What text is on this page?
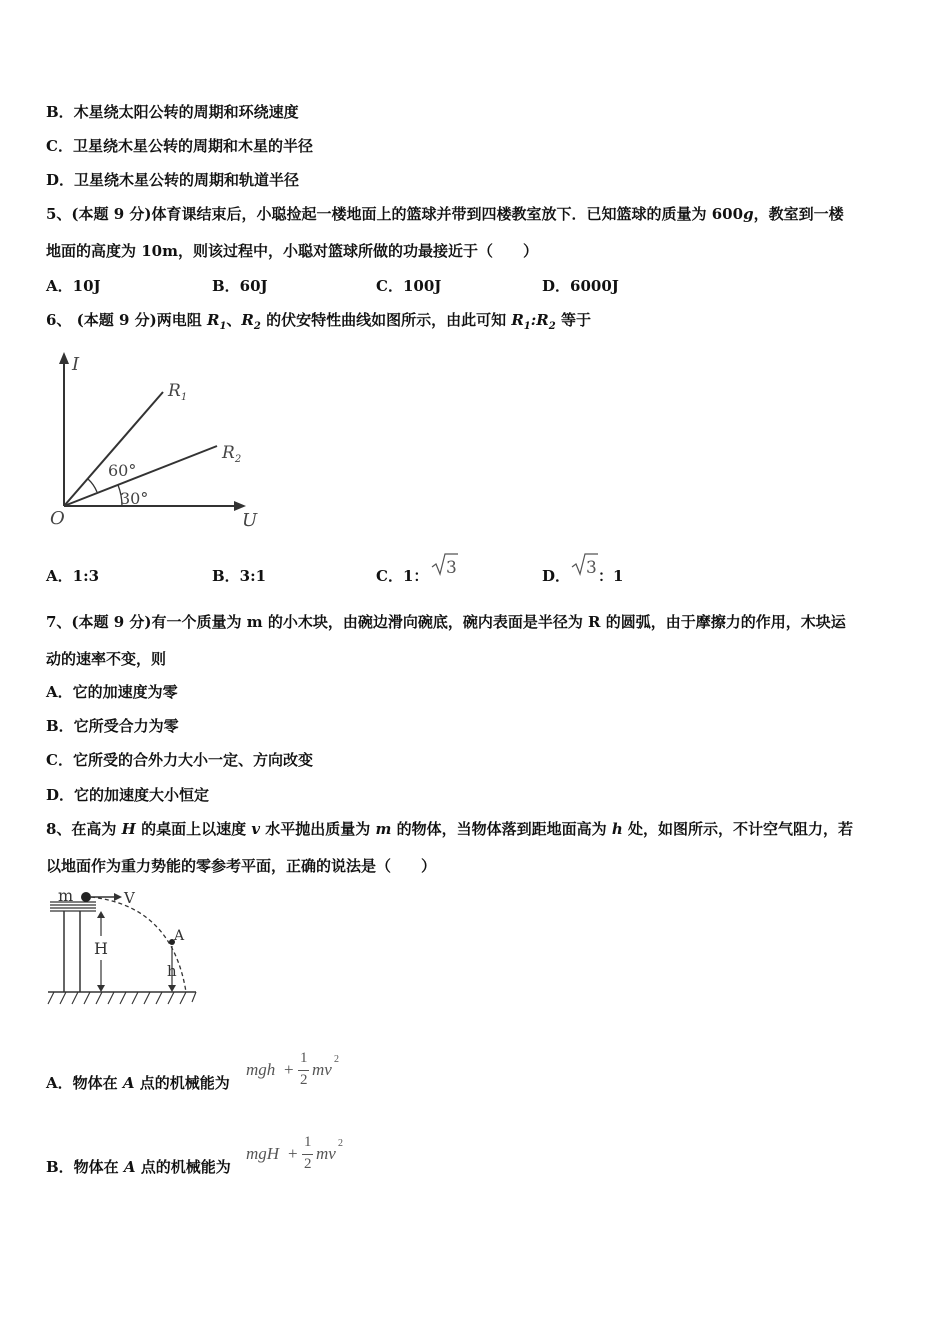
B．木星绕太阳公转的周期和环绕速度
C．卫星绕木星公转的周期和木星的半径
D．卫星绕木星公转的周期和轨道半径
5、(本题 9 分)体育课结束后，小聪捡起一楼地面上的篮球并带到四楼教室放下．已知篮球的质量为 600g，教室到一楼
地面的高度为 10m，则该过程中，小聪对篮球所做的功最接近于（　　）
A．10J	B．60J	C．100J	D．6000J
6、 (本题 9 分)两电阻 $R_1$、$R_2$ 的伏安特性曲线如图所示，由此可知 $R_1:R_2$ 等于
I
U
O
$R_1$
$R_2$
60°
30°
A．1:3	B．3:1	C．1： 3	D． 3 ：1
7、(本题 9 分)有一个质量为 m 的小木块，由碗边滑向碗底，碗内表面是半径为 R 的圆弧，由于摩擦力的作用，木块运
动的速率不变，则
A．它的加速度为零
B．它所受合力为零
C．它所受的合外力大小一定、方向改变
D．它的加速度大小恒定
8、在高为 H 的桌面上以速度 v 水平抛出质量为 m 的物体，当物体落到距地面高为 h 处，如图所示，不计空气阻力，若
以地面作为重力势能的零参考平面，正确的说法是（　　）
m	V
H
A
h
A．物体在 A 点的机械能为
mgh +
1
2
mv
2
B．物体在 A 点的机械能为
mgH +
1
2
mv
2
